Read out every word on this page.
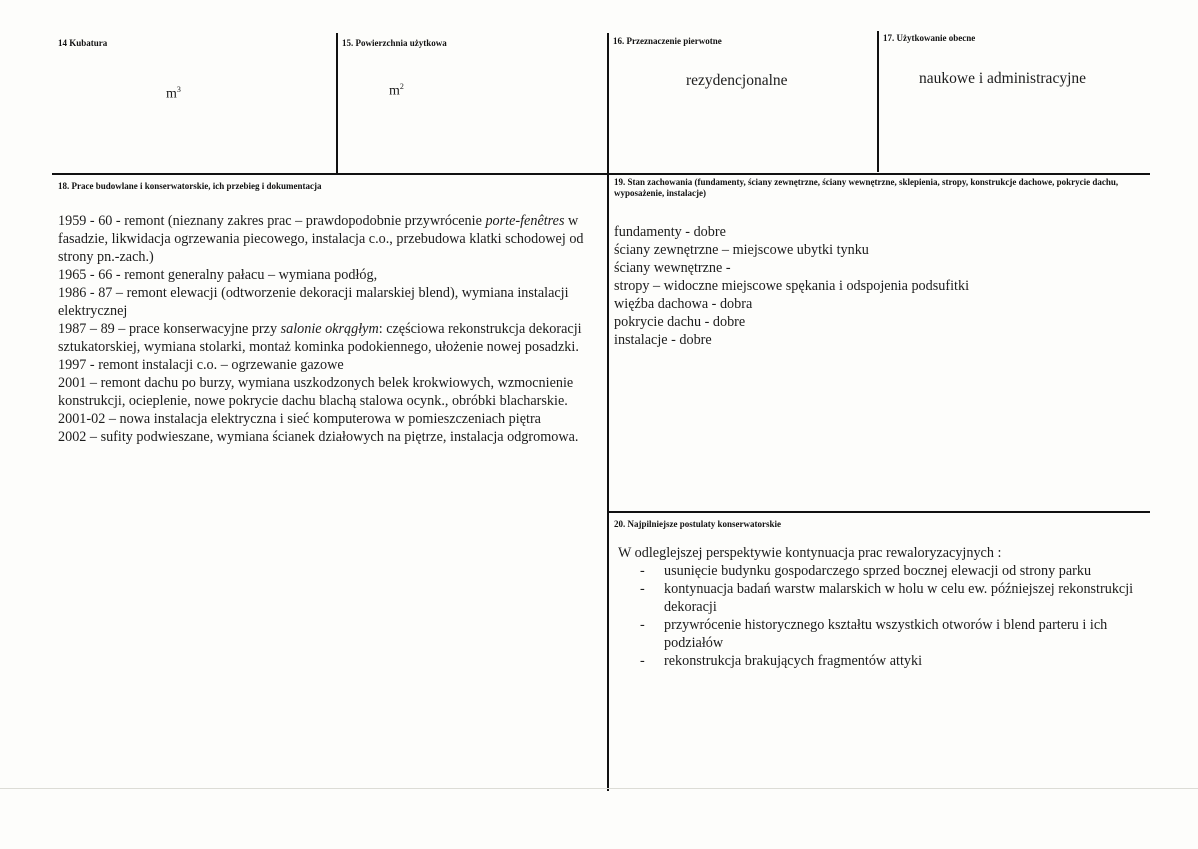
14 Kubatura
$m^3$
15. Powierzchnia użytkowa
$m^2$
16. Przeznaczenie pierwotne
rezydencjonalne
17. Użytkowanie obecne
naukowe i administracyjne
18. Prace budowlane i konserwatorskie, ich przebieg i dokumentacja

1959 - 60 - remont (nieznany zakres prac – prawdopodobnie przywrócenie porte-fenêtres w fasadzie, likwidacja ogrzewania piecowego, instalacja c.o., przebudowa klatki schodowej od strony pn.-zach.)

1965 - 66 - remont generalny pałacu – wymiana podłóg,

1986 - 87 – remont elewacji (odtworzenie dekoracji malarskiej blend), wymiana instalacji elektrycznej

1987 – 89 – prace konserwacyjne przy salonie okrągłym: częściowa rekonstrukcja dekoracji sztukatorskiej, wymiana stolarki, montaż kominka podokiennego, ułożenie nowej posadzki.

1997 - remont instalacji c.o. – ogrzewanie gazowe

2001 – remont dachu po burzy, wymiana uszkodzonych belek krokwiowych, wzmocnienie konstrukcji, ocieplenie, nowe pokrycie dachu blachą stalowa ocynk., obróbki blacharskie.

2001-02 – nowa instalacja elektryczna i sieć komputerowa w pomieszczeniach piętra

2002 – sufity podwieszane, wymiana ścianek działowych na piętrze, instalacja odgromowa.

19. Stan zachowania (fundamenty, ściany zewnętrzne, ściany wewnętrzne, sklepienia, stropy, konstrukcje dachowe, pokrycie dachu, wyposażenie, instalacje)

fundamenty - dobre

ściany zewnętrzne – miejscowe ubytki tynku

ściany wewnętrzne -

stropy – widoczne miejscowe spękania i odspojenia podsufitki

więźba dachowa - dobra

pokrycie dachu - dobre

instalacje - dobre

20. Najpilniejsze postulaty konserwatorskie

W odleglejszej perspektywie kontynuacja prac rewaloryzacyjnych :

- usunięcie budynku gospodarczego sprzed bocznej elewacji od strony parku
- kontynuacja badań warstw malarskich w holu w celu ew. późniejszej rekonstrukcji dekoracji
- przywrócenie historycznego kształtu wszystkich otworów i blend parteru i ich podziałów
- rekonstrukcja brakujących fragmentów attyki
